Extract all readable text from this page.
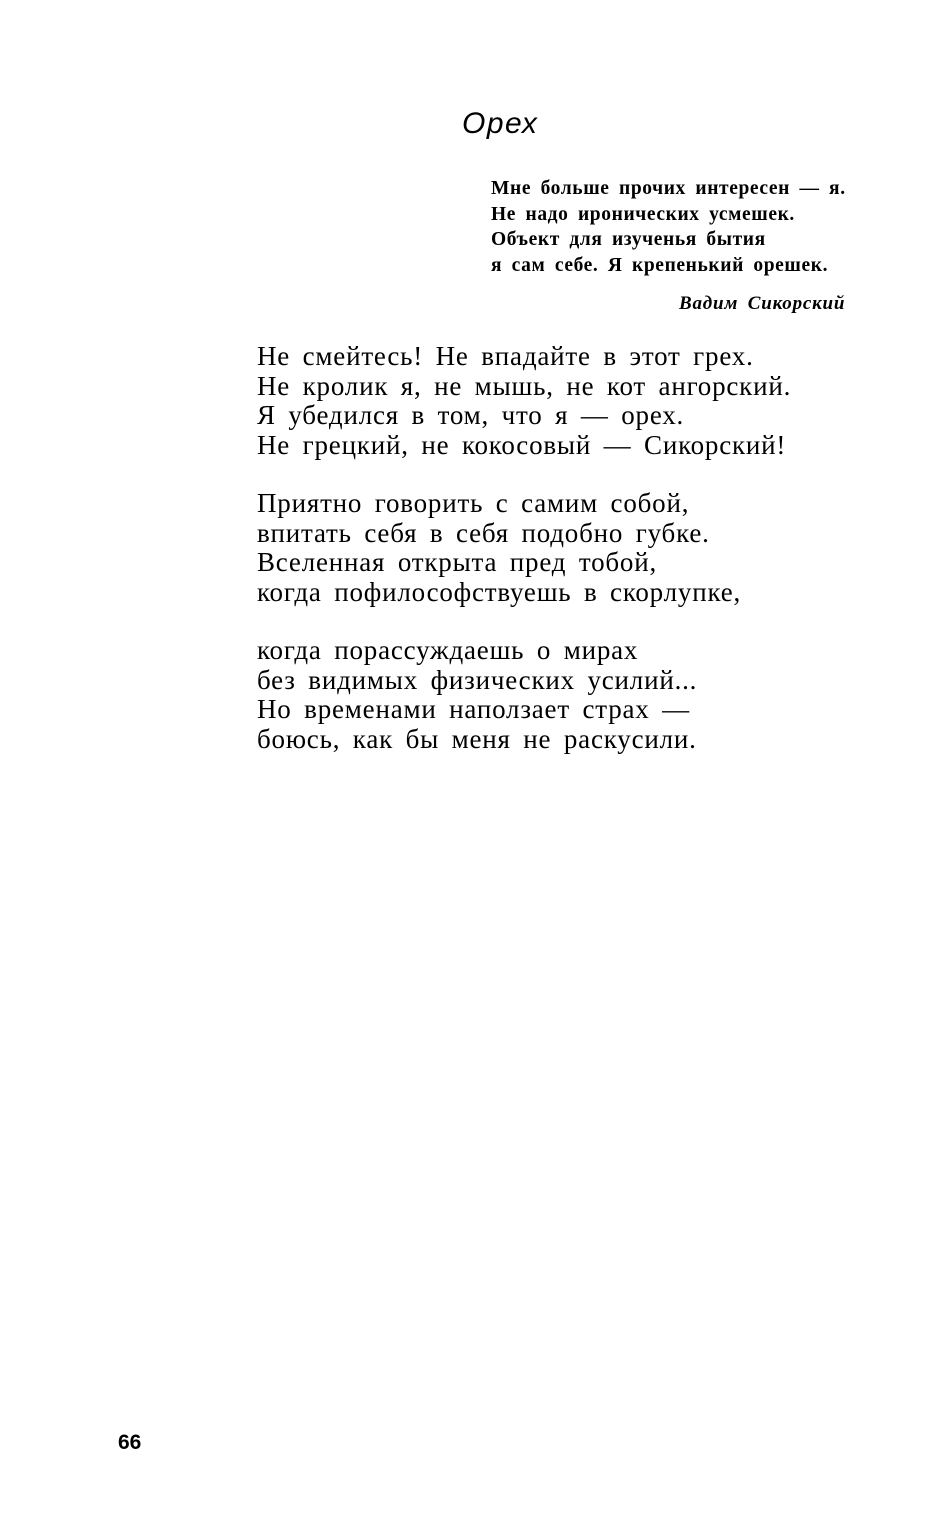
Орех
Мне больше прочих интересен — я.
Не надо иронических усмешек.
Объект для изученья бытия
я сам себе. Я крепенький орешек.
Вадим Сикорский
Не смейтесь! Не впадайте в этот грех.
Не кролик я, не мышь, не кот ангорский.
Я убедился в том, что я — орех.
Не грецкий, не кокосовый — Сикорский!
Приятно говорить с самим собой,
впитать себя в себя подобно губке.
Вселенная открыта пред тобой,
когда пофилософствуешь в скорлупке,
когда порассуждаешь о мирах
без видимых физических усилий...
Но временами наползает страх —
боюсь, как бы меня не раскусили.
66
